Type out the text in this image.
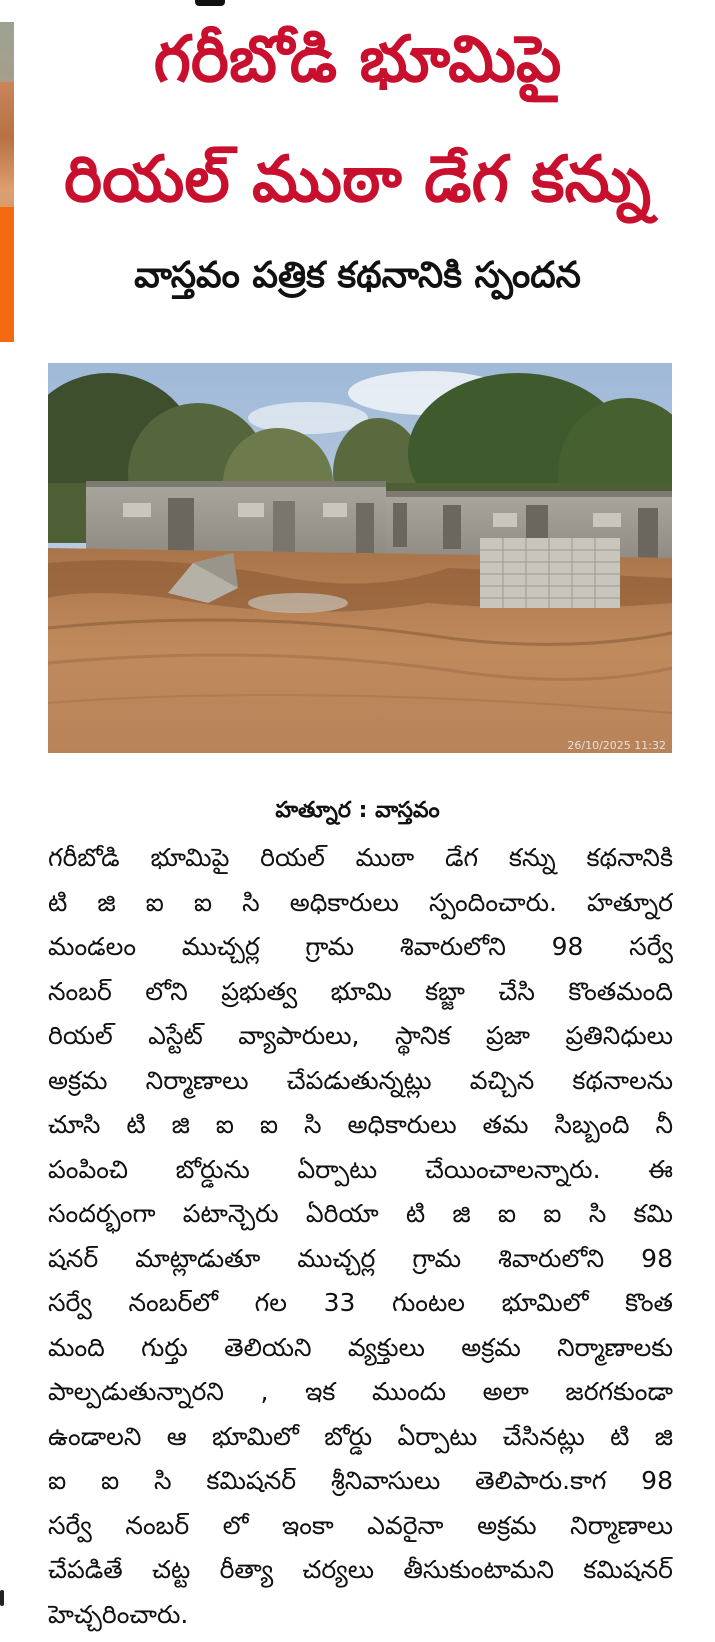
గరీబోడి భూమిపై
రియల్ ముఠా డేగ కన్ను
వాస్తవం పత్రిక కథనానికి స్పందన
26/10/2025 11:32
హత్నూర : వాస్తవం

గరీబోడి భూమిపై రియల్ ముఠా డేగ కన్ను కథనానికి
టి జి ఐ ఐ సి అధికారులు స్పందించారు. హత్నూర
మండలం ముచ్చర్ల గ్రామ శివారులోని 98 సర్వే
నంబర్ లోని ప్రభుత్వ భూమి కబ్జా చేసి కొంతమంది
రియల్ ఎస్టేట్ వ్యాపారులు, స్థానిక ప్రజా ప్రతినిధులు
అక్రమ నిర్మాణాలు చేపడుతున్నట్లు వచ్చిన కథనాలను
చూసి టి జి ఐ ఐ సి అధికారులు తమ సిబ్బంది నీ
పంపించి బోర్డును ఏర్పాటు చేయించాలన్నారు. ఈ
సందర్భంగా పటాన్చెరు ఏరియా టి జి ఐ ఐ సి కమి
షనర్ మాట్లాడుతూ ముచ్చర్ల గ్రామ శివారులోని 98
సర్వే నంబర్‌లో గల 33 గుంటల భూమిలో కొంత
మంది గుర్తు తెలియని వ్యక్తులు అక్రమ నిర్మాణాలకు
పాల్పడుతున్నారని , ఇక ముందు అలా జరగకుండా
ఉండాలని ఆ భూమిలో బోర్డు ఏర్పాటు చేసినట్లు టి జి
ఐ ఐ సి కమిషనర్ శ్రీనివాసులు తెలిపారు.కాగ 98
సర్వే నంబర్ లో ఇంకా ఎవరైనా అక్రమ నిర్మాణాలు
చేపడితే చట్ట రీత్యా చర్యలు తీసుకుంటామని కమిషనర్
హెచ్చరించారు.
